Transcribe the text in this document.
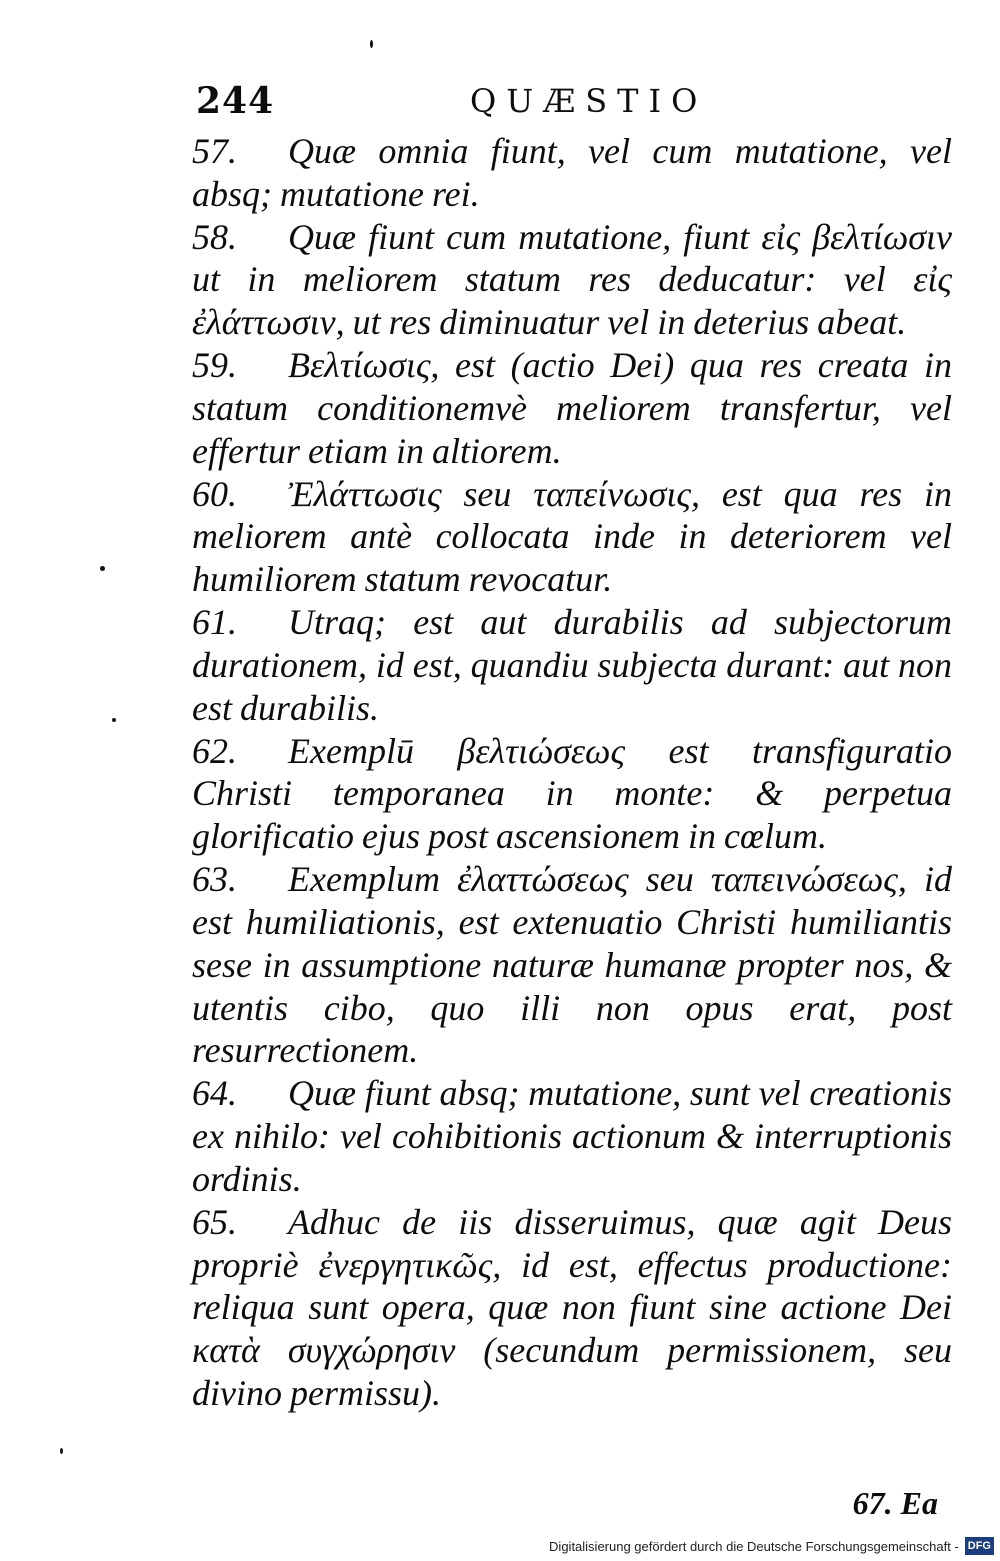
244	QUÆSTIO

57. Quæ omnia fiunt, vel cum mutatione, vel absq; mutatione rei.

58. Quæ fiunt cum mutatione, fiunt εἰς βελτίωσιν ut in meliorem statum res deducatur: vel εἰς ἐλάττωσιν, ut res diminuatur vel in deterius abeat.

59. Βελτίωσις, est (actio Dei) qua res creata in statum conditionemvè meliorem transfertur, vel effertur etiam in altiorem.

60. Ἐλάττωσις seu ταπείνωσις, est qua res in meliorem antè collocata inde in deteriorem vel humiliorem statum revocatur.

61. Utraq; est aut durabilis ad subjectorum durationem, id est, quandiu subjecta durant: aut non est durabilis.

62. Exemplū βελτιώσεως est transfiguratio Christi temporanea in monte: & perpetua glorificatio ejus post ascensionem in cœlum.

63. Exemplum ἐλαττώσεως seu ταπεινώσεως, id est humiliationis, est extenuatio Christi humiliantis sese in assumptione naturæ humanæ propter nos, & utentis cibo, quo illi non opus erat, post resurrectionem.

64. Quæ fiunt absq; mutatione, sunt vel creationis ex nihilo: vel cohibitionis actionum & interruptionis ordinis.

65. Adhuc de iis disseruimus, quæ agit Deus propriè ἐνεργητικῶς, id est, effectus productione: reliqua sunt opera, quæ non fiunt sine actione Dei κατὰ συγχώρησιν (secundum permissionem, seu divino permissu).

67. Ea
Digitalisierung gefördert durch die Deutsche Forschungsgemeinschaft - DFG
